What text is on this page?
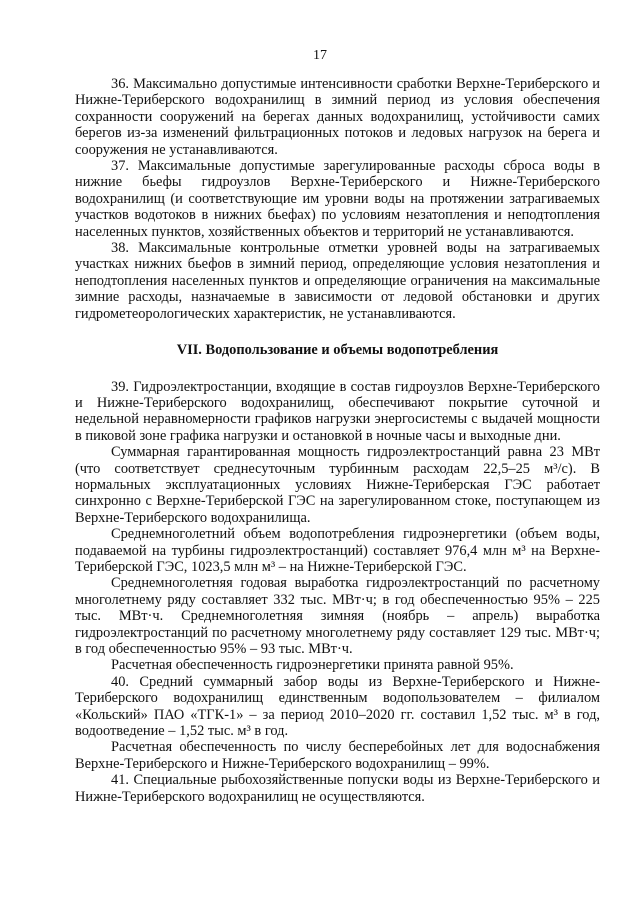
17

36. Максимально допустимые интенсивности сработки Верхне-Териберского и Нижне-Териберского водохранилищ в зимний период из условия обеспечения сохранности сооружений на берегах данных водохранилищ, устойчивости самих берегов из-за изменений фильтрационных потоков и ледовых нагрузок на берега и сооружения не устанавливаются.

37. Максимальные допустимые зарегулированные расходы сброса воды в нижние бьефы гидроузлов Верхне-Териберского и Нижне-Териберского водохранилищ (и соответствующие им уровни воды на протяжении затрагиваемых участков водотоков в нижних бьефах) по условиям незатопления и неподтопления населенных пунктов, хозяйственных объектов и территорий не устанавливаются.

38. Максимальные контрольные отметки уровней воды на затрагиваемых участках нижних бьефов в зимний период, определяющие условия незатопления и неподтопления населенных пунктов и определяющие ограничения на максимальные зимние расходы, назначаемые в зависимости от ледовой обстановки и других гидрометеорологических характеристик, не устанавливаются.

VII. Водопользование и объемы водопотребления

39. Гидроэлектростанции, входящие в состав гидроузлов Верхне-Териберского и Нижне-Териберского водохранилищ, обеспечивают покрытие суточной и недельной неравномерности графиков нагрузки энергосистемы с выдачей мощности в пиковой зоне графика нагрузки и остановкой в ночные часы и выходные дни.

Суммарная гарантированная мощность гидроэлектростанций равна 23 МВт (что соответствует среднесуточным турбинным расходам 22,5–25 м³/с). В нормальных эксплуатационных условиях Нижне-Териберская ГЭС работает синхронно с Верхне-Териберской ГЭС на зарегулированном стоке, поступающем из Верхне-Териберского водохранилища.

Среднемноголетний объем водопотребления гидроэнергетики (объем воды, подаваемой на турбины гидроэлектростанций) составляет 976,4 млн м³ на Верхне-Териберской ГЭС, 1023,5 млн м³ – на Нижне-Териберской ГЭС.

Среднемноголетняя годовая выработка гидроэлектростанций по расчетному многолетнему ряду составляет 332 тыс. МВт·ч; в год обеспеченностью 95% – 225 тыс. МВт·ч. Среднемноголетняя зимняя (ноябрь – апрель) выработка гидроэлектростанций по расчетному многолетнему ряду составляет 129 тыс. МВт·ч; в год обеспеченностью 95% – 93 тыс. МВт·ч.

Расчетная обеспеченность гидроэнергетики принята равной 95%.

40. Средний суммарный забор воды из Верхне-Териберского и Нижне-Териберского водохранилищ единственным водопользователем – филиалом «Кольский» ПАО «ТГК-1» – за период 2010–2020 гг. составил 1,52 тыс. м³ в год, водоотведение – 1,52 тыс. м³ в год.

Расчетная обеспеченность по числу бесперебойных лет для водоснабжения Верхне-Териберского и Нижне-Териберского водохранилищ – 99%.

41. Специальные рыбохозяйственные попуски воды из Верхне-Териберского и Нижне-Териберского водохранилищ не осуществляются.
